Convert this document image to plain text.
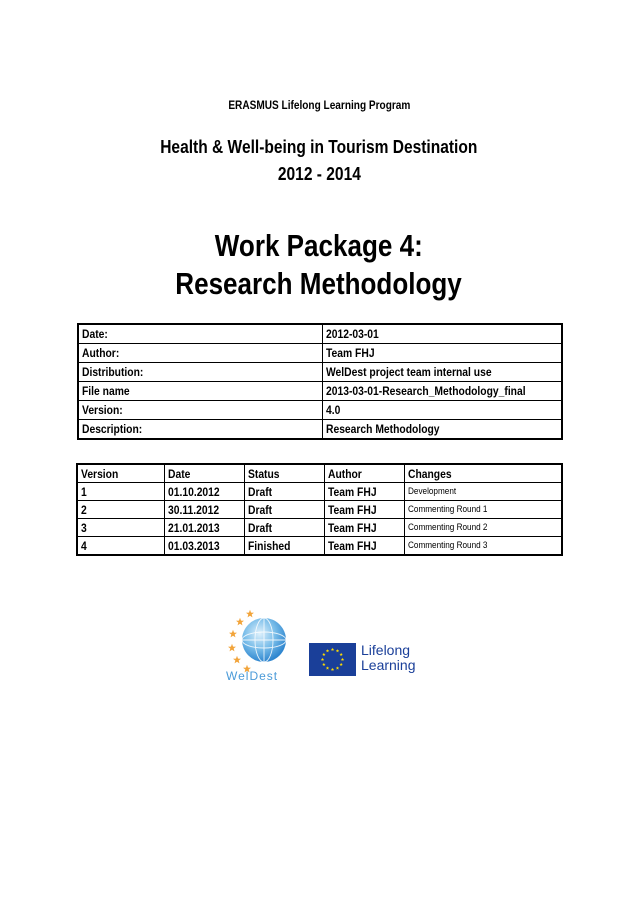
ERASMUS Lifelong Learning Program
Health & Well-being in Tourism Destination
2012 - 2014
Work Package 4:
Research Methodology
Date:	2012-03-01
Author:	Team FHJ
Distribution:	WelDest project team internal use
File name	2013-03-01-Research_Methodology_final
Version:	4.0
Description:	Research Methodology
Version	Date	Status	Author	Changes
1	01.10.2012	Draft	Team FHJ	Development
2	30.11.2012	Draft	Team FHJ	Commenting Round 1
3	21.01.2013	Draft	Team FHJ	Commenting Round 2
4	01.03.2013	Finished	Team FHJ	Commenting Round 3
WelDest
Lifelong
Learning
